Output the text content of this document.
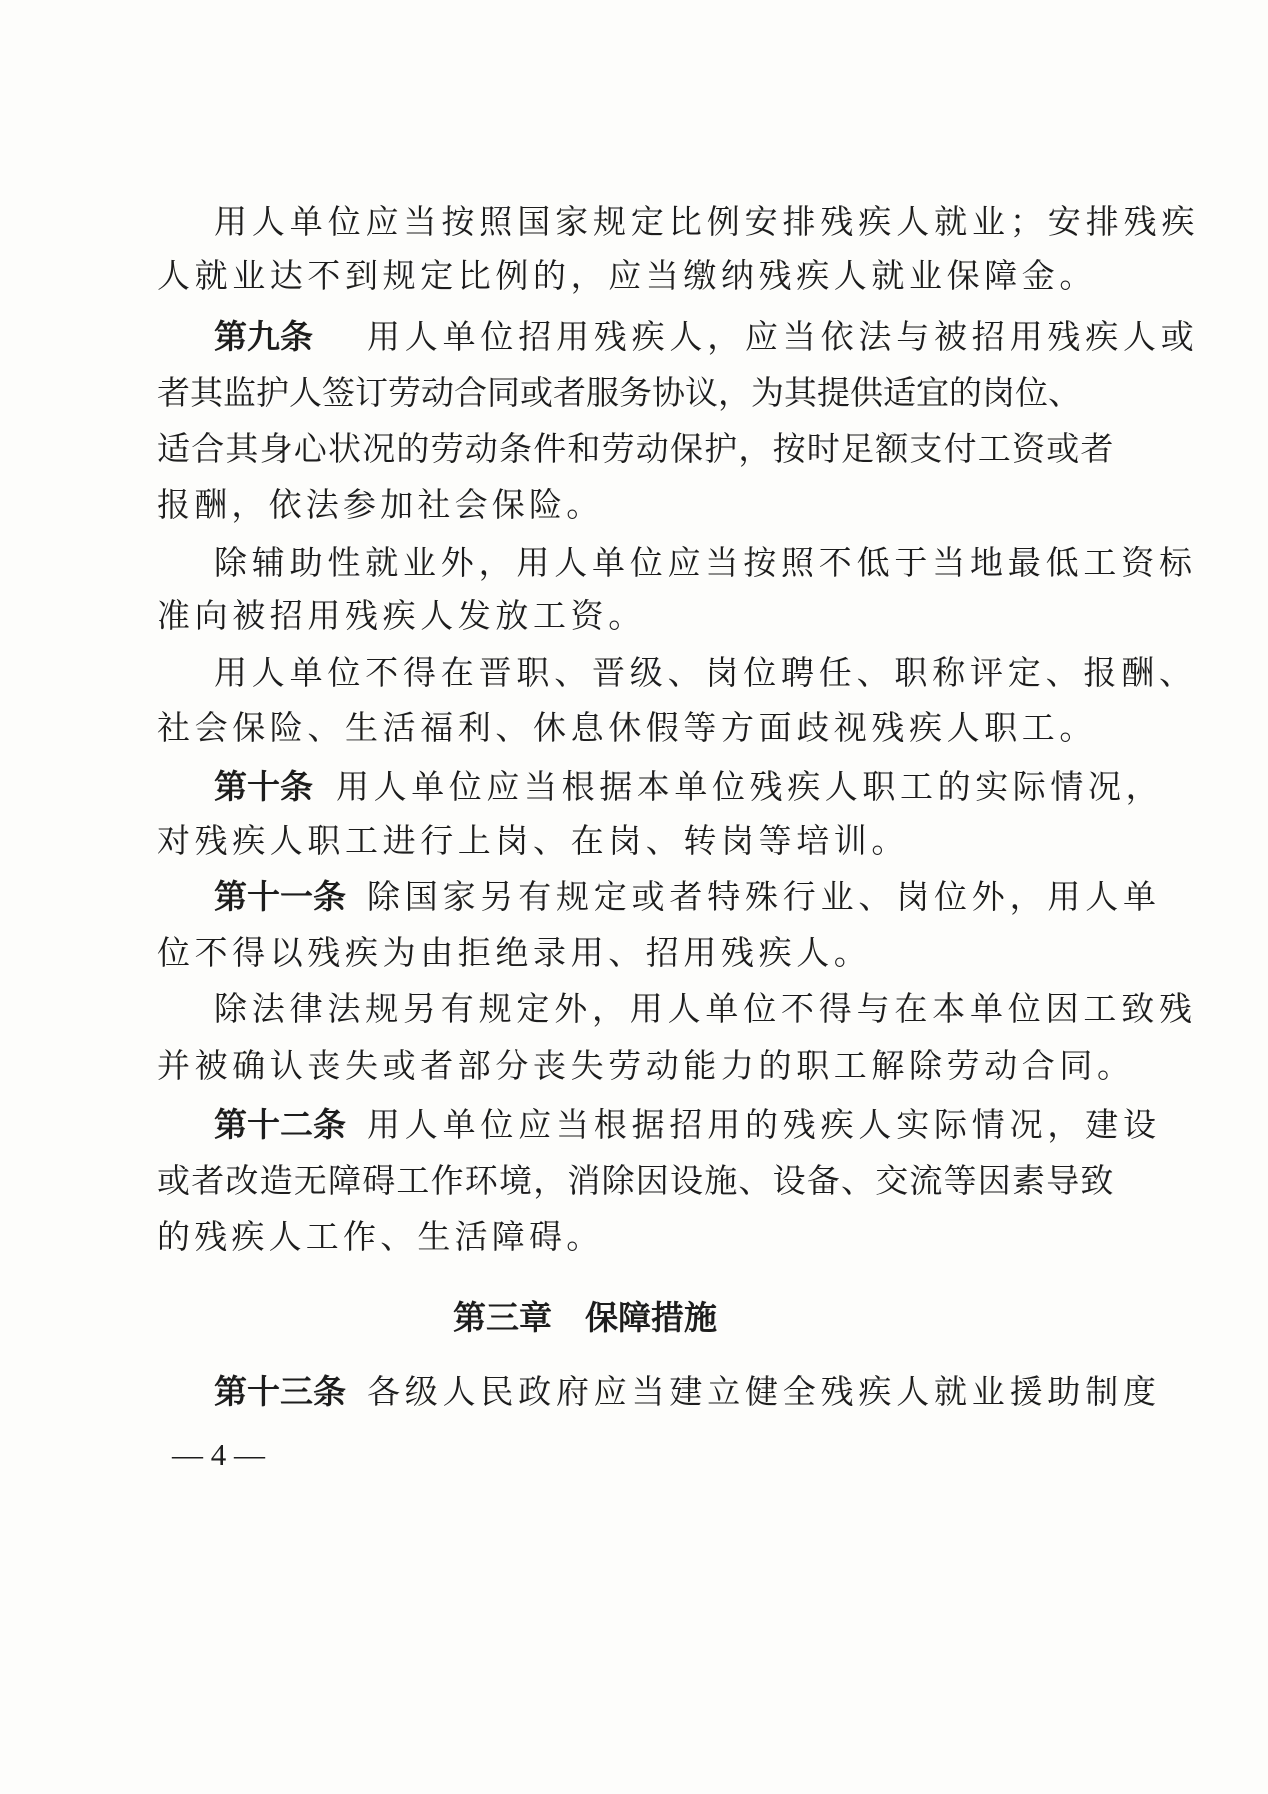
用人单位应当按照国家规定比例安排残疾人就业；安排残疾
人就业达不到规定比例的，应当缴纳残疾人就业保障金。
第九条 用人单位招用残疾人，应当依法与被招用残疾人或
者其监护人签订劳动合同或者服务协议，为其提供适宜的岗位、
适合其身心状况的劳动条件和劳动保护，按时足额支付工资或者
报酬，依法参加社会保险。
除辅助性就业外，用人单位应当按照不低于当地最低工资标
准向被招用残疾人发放工资。
用人单位不得在晋职、晋级、岗位聘任、职称评定、报酬、
社会保险、生活福利、休息休假等方面歧视残疾人职工。
第十条 用人单位应当根据本单位残疾人职工的实际情况，
对残疾人职工进行上岗、在岗、转岗等培训。
第十一条 除国家另有规定或者特殊行业、岗位外，用人单
位不得以残疾为由拒绝录用、招用残疾人。
除法律法规另有规定外，用人单位不得与在本单位因工致残
并被确认丧失或者部分丧失劳动能力的职工解除劳动合同。
第十二条 用人单位应当根据招用的残疾人实际情况，建设
或者改造无障碍工作环境，消除因设施、设备、交流等因素导致
的残疾人工作、生活障碍。
第三章　保障措施
第十三条 各级人民政府应当建立健全残疾人就业援助制度
— 4 —
